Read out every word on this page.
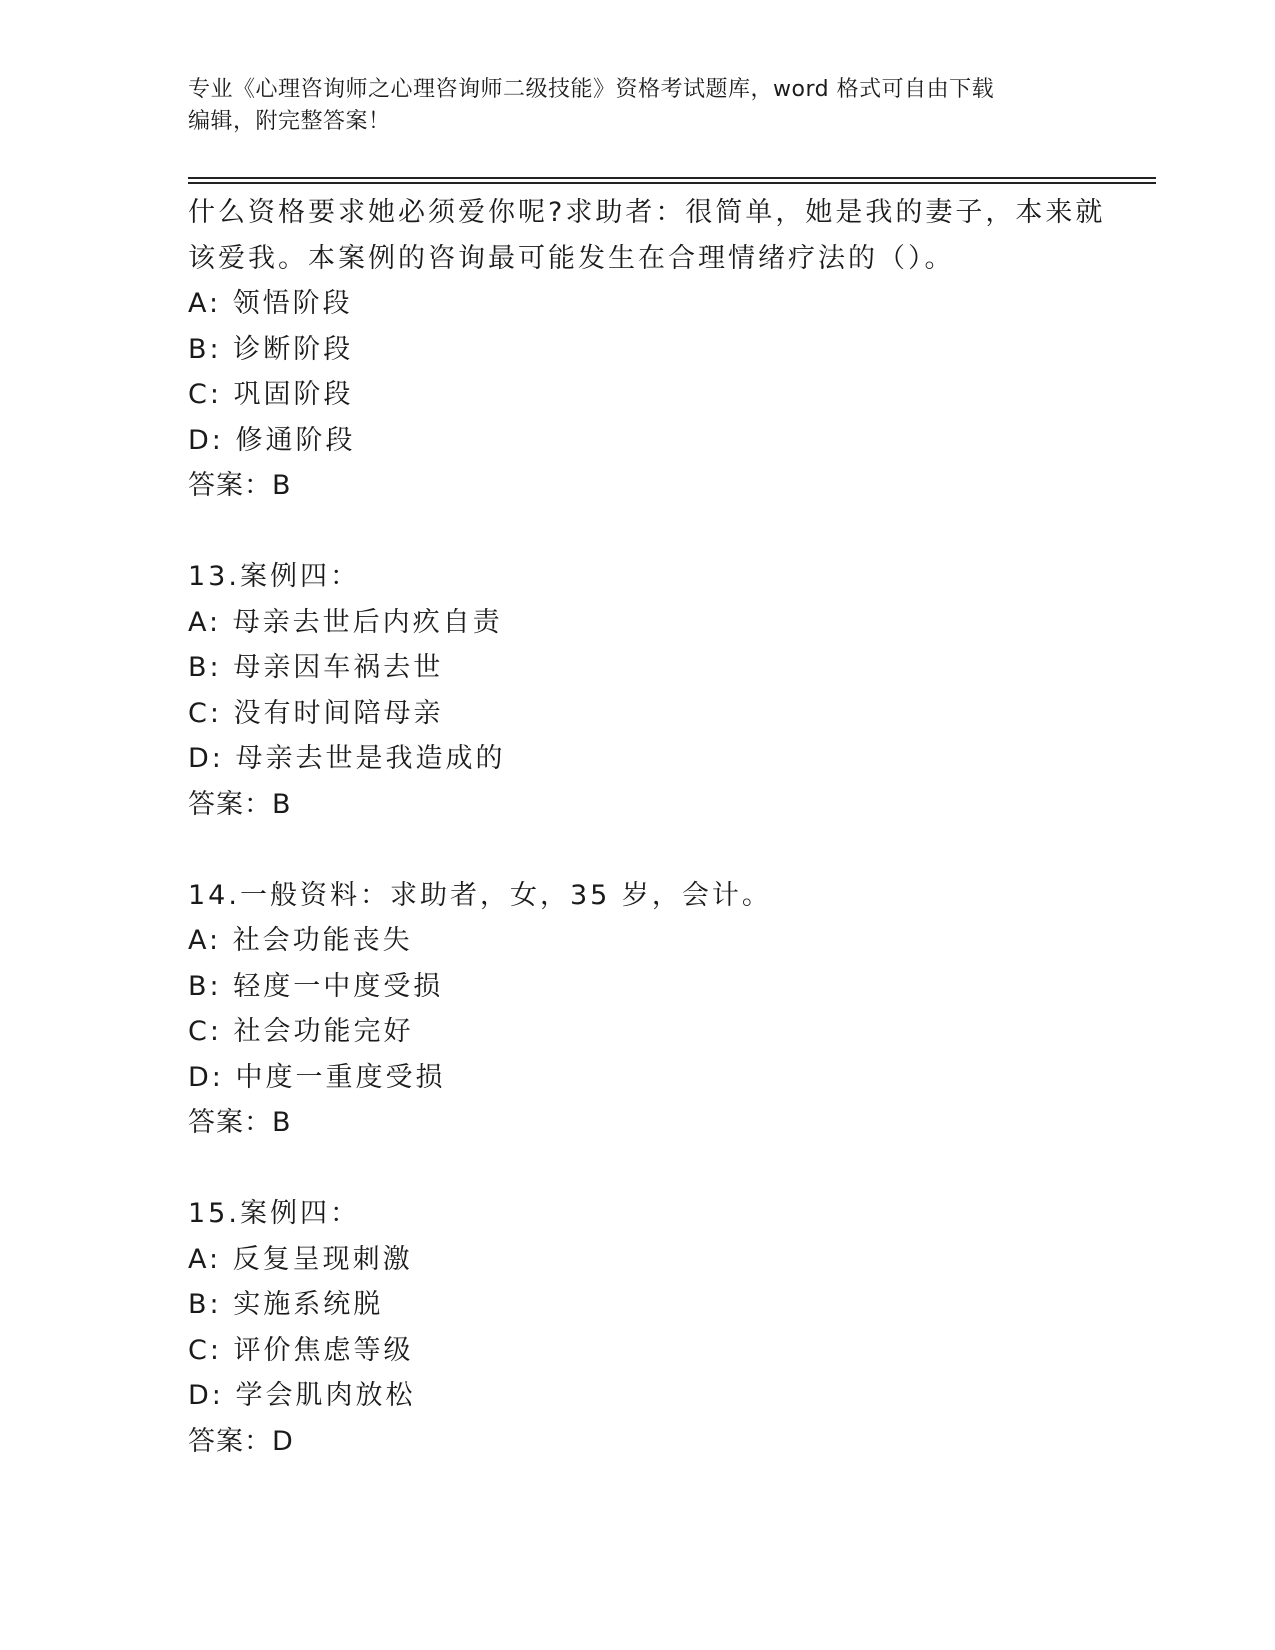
专业《心理咨询师之心理咨询师二级技能》资格考试题库，word 格式可自由下载
编辑，附完整答案！
什么资格要求她必须爱你呢?求助者：很简单，她是我的妻子，本来就
该爱我。本案例的咨询最可能发生在合理情绪疗法的（）。
A: 领悟阶段
B: 诊断阶段
C: 巩固阶段
D: 修通阶段
答案：B
13.案例四：
A: 母亲去世后内疚自责
B: 母亲因车祸去世
C: 没有时间陪母亲
D: 母亲去世是我造成的
答案：B
14.一般资料：求助者，女，35 岁，会计。
A: 社会功能丧失
B: 轻度一中度受损
C: 社会功能完好
D: 中度一重度受损
答案：B
15.案例四：
A: 反复呈现刺激
B: 实施系统脱
C: 评价焦虑等级
D: 学会肌肉放松
答案：D
